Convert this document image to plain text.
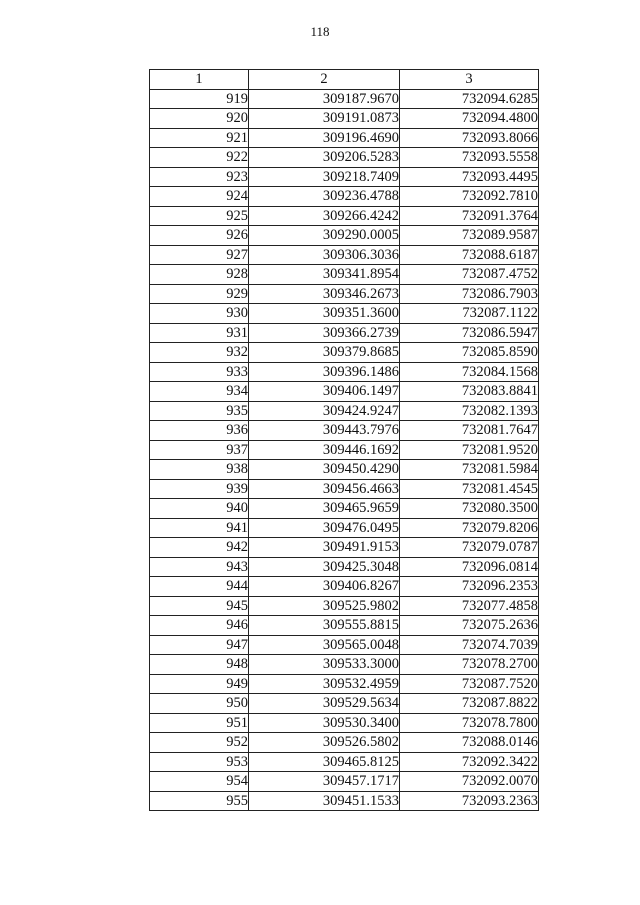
118
1	2	3
919	309187.9670	732094.6285
920	309191.0873	732094.4800
921	309196.4690	732093.8066
922	309206.5283	732093.5558
923	309218.7409	732093.4495
924	309236.4788	732092.7810
925	309266.4242	732091.3764
926	309290.0005	732089.9587
927	309306.3036	732088.6187
928	309341.8954	732087.4752
929	309346.2673	732086.7903
930	309351.3600	732087.1122
931	309366.2739	732086.5947
932	309379.8685	732085.8590
933	309396.1486	732084.1568
934	309406.1497	732083.8841
935	309424.9247	732082.1393
936	309443.7976	732081.7647
937	309446.1692	732081.9520
938	309450.4290	732081.5984
939	309456.4663	732081.4545
940	309465.9659	732080.3500
941	309476.0495	732079.8206
942	309491.9153	732079.0787
943	309425.3048	732096.0814
944	309406.8267	732096.2353
945	309525.9802	732077.4858
946	309555.8815	732075.2636
947	309565.0048	732074.7039
948	309533.3000	732078.2700
949	309532.4959	732087.7520
950	309529.5634	732087.8822
951	309530.3400	732078.7800
952	309526.5802	732088.0146
953	309465.8125	732092.3422
954	309457.1717	732092.0070
955	309451.1533	732093.2363
